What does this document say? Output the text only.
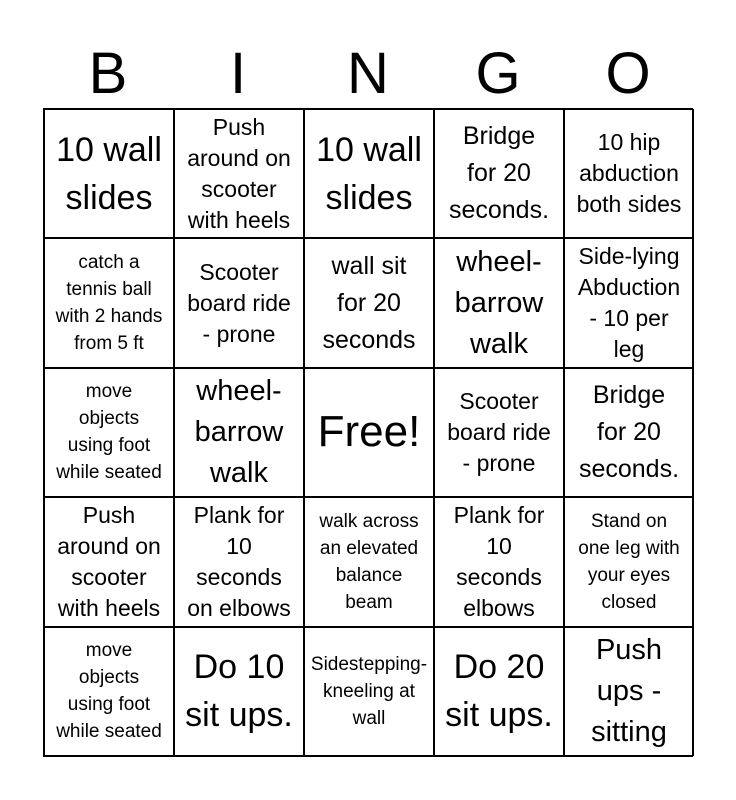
B	I	N	G	O
10 wall
slides
Push
around on
scooter
with heels
10 wall
slides
Bridge
for 20
seconds.
10 hip
abduction
both sides
catch a
tennis ball
with 2 hands
from 5 ft
Scooter
board ride
- prone
wall sit
for 20
seconds
wheel-
barrow
walk
Side-lying
Abduction
- 10 per
leg
move
objects
using foot
while seated
wheel-
barrow
walk
Free!
Scooter
board ride
- prone
Bridge
for 20
seconds.
Push
around on
scooter
with heels
Plank for
10
seconds
on elbows
walk across
an elevated
balance
beam
Plank for
10
seconds
elbows
Stand on
one leg with
your eyes
closed
move
objects
using foot
while seated
Do 10
sit ups.
Sidestepping-
kneeling at
wall
Do 20
sit ups.
Push
ups -
sitting
